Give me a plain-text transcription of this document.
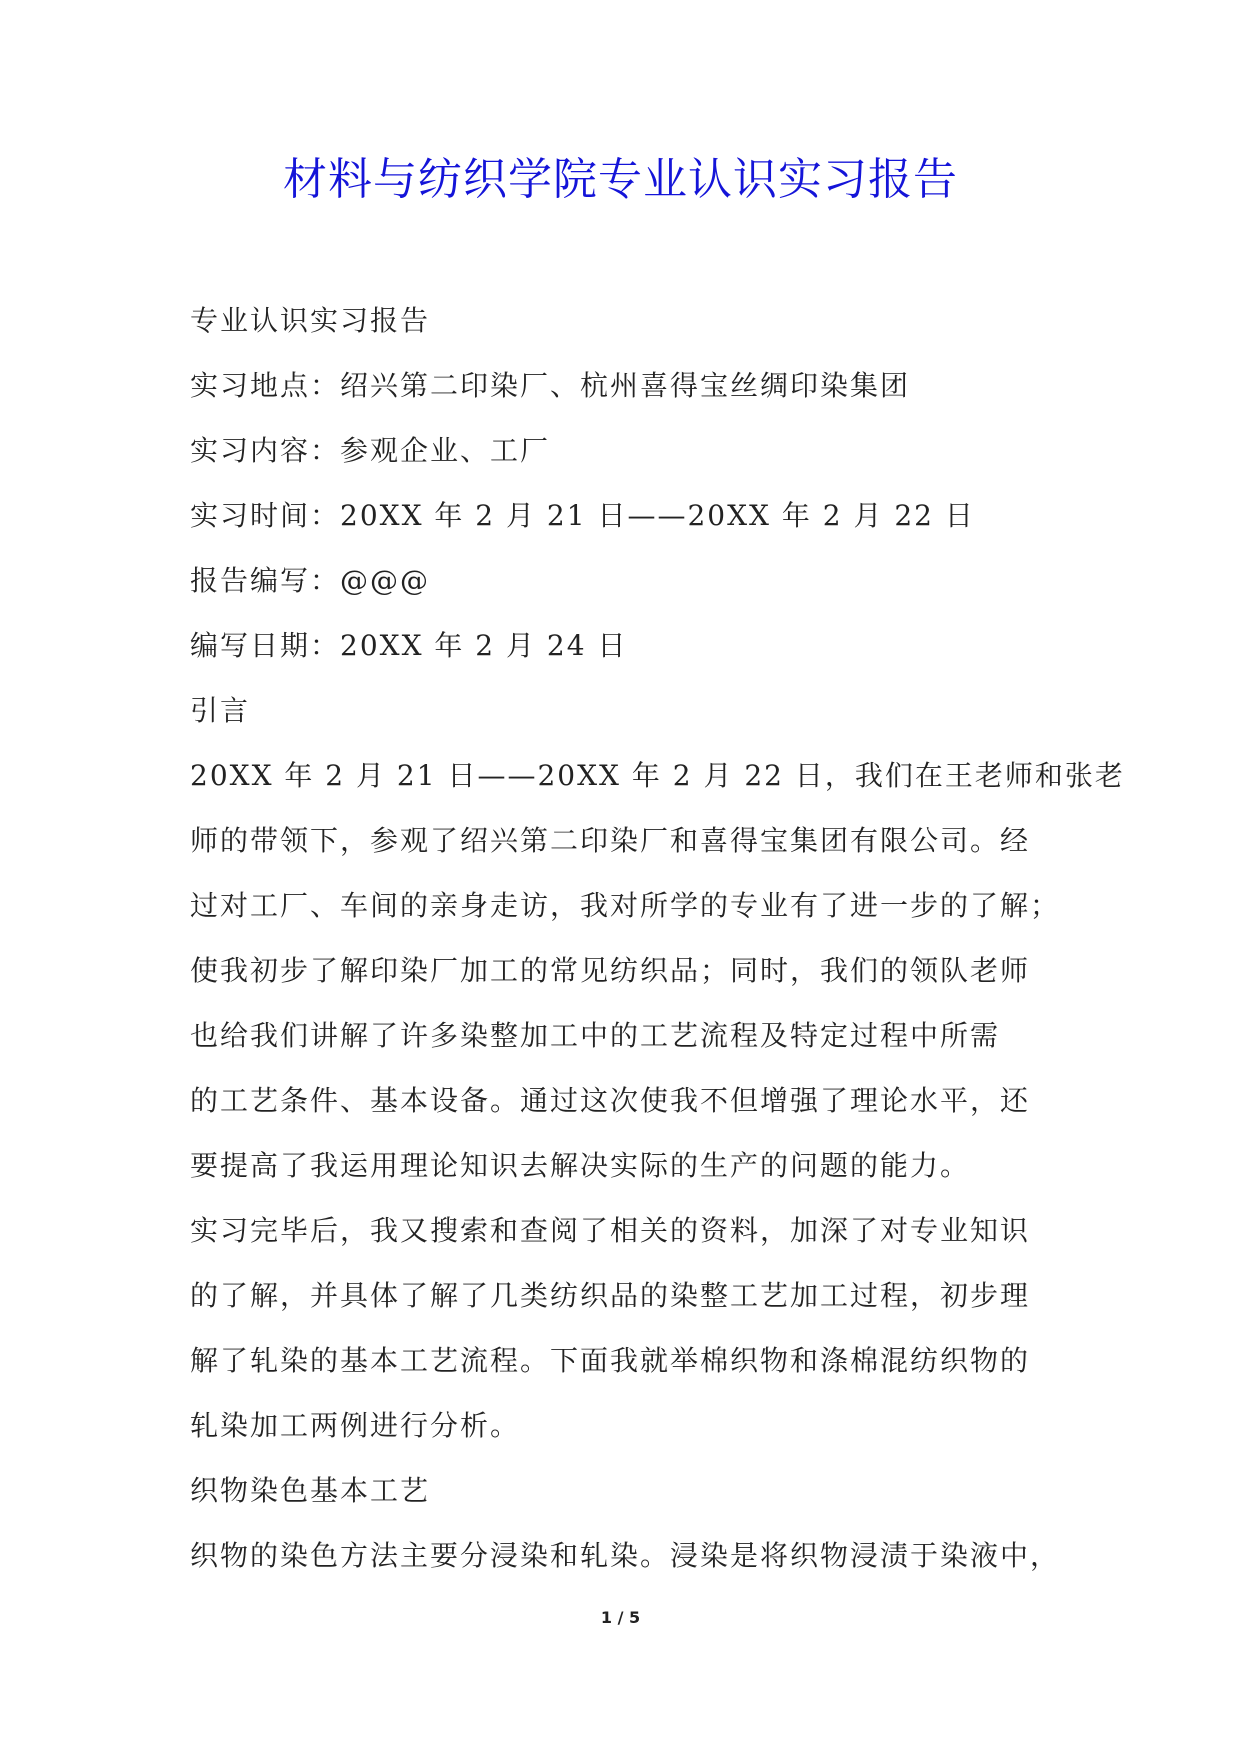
材料与纺织学院专业认识实习报告

专业认识实习报告

实习地点：绍兴第二印染厂、杭州喜得宝丝绸印染集团

实习内容：参观企业、工厂

实习时间：20XX 年 2 月 21 日——20XX 年 2 月 22 日

报告编写：@@@

编写日期：20XX 年 2 月 24 日

引言

20XX 年 2 月 21 日——20XX 年 2 月 22 日，我们在王老师和张老

师的带领下，参观了绍兴第二印染厂和喜得宝集团有限公司。经

过对工厂、车间的亲身走访，我对所学的专业有了进一步的了解；

使我初步了解印染厂加工的常见纺织品；同时，我们的领队老师

也给我们讲解了许多染整加工中的工艺流程及特定过程中所需

的工艺条件、基本设备。通过这次使我不但增强了理论水平，还

要提高了我运用理论知识去解决实际的生产的问题的能力。

实习完毕后，我又搜索和查阅了相关的资料，加深了对专业知识

的了解，并具体了解了几类纺织品的染整工艺加工过程，初步理

解了轧染的基本工艺流程。下面我就举棉织物和涤棉混纺织物的

轧染加工两例进行分析。

织物染色基本工艺

织物的染色方法主要分浸染和轧染。浸染是将织物浸渍于染液中，

1 / 5
